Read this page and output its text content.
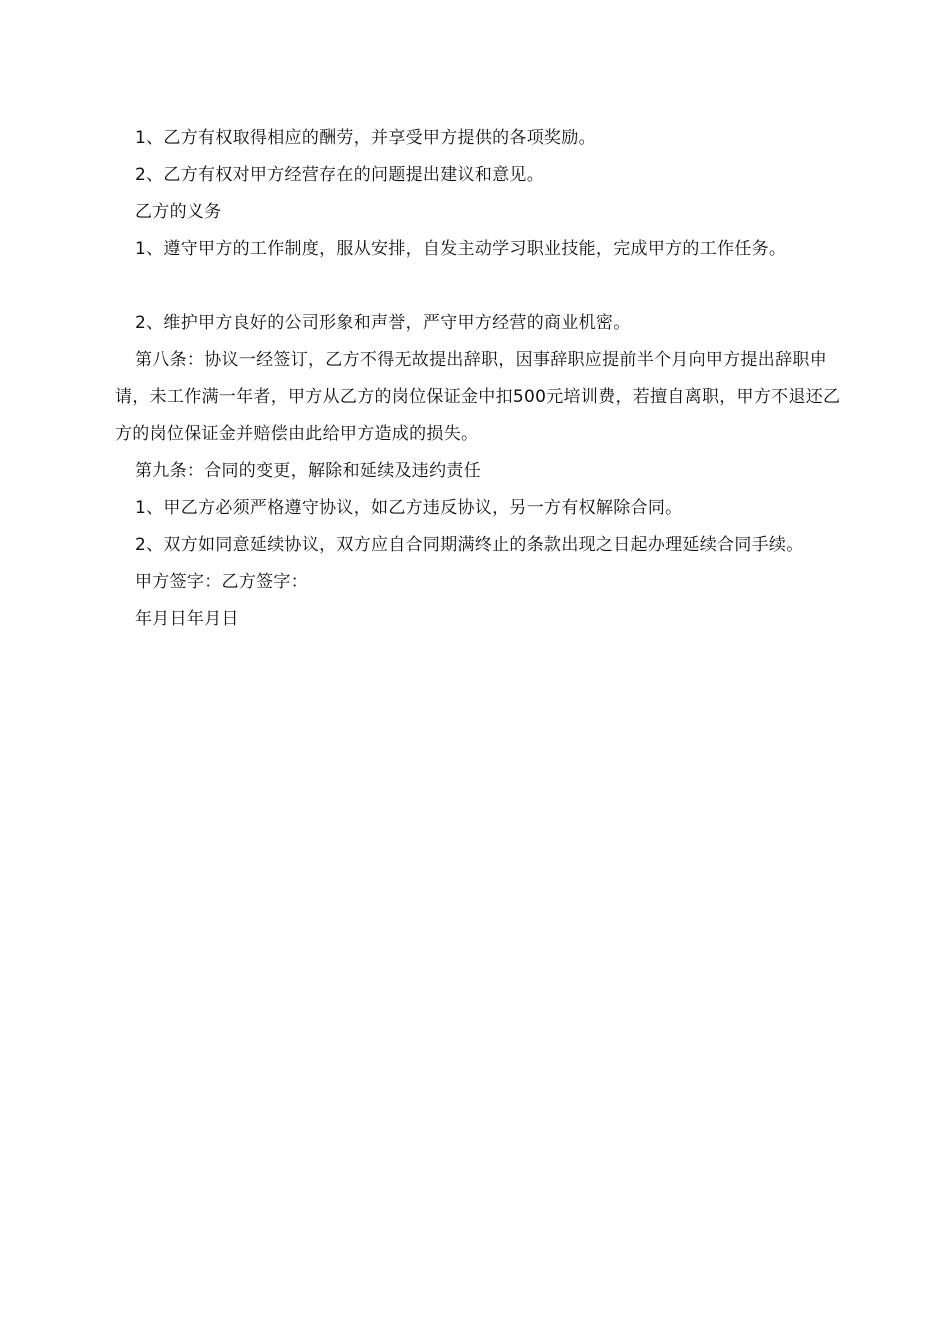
1、乙方有权取得相应的酬劳，并享受甲方提供的各项奖励。

2、乙方有权对甲方经营存在的问题提出建议和意见。

乙方的义务

1、遵守甲方的工作制度，服从安排，自发主动学习职业技能，完成甲方的工作任务。

2、维护甲方良好的公司形象和声誉，严守甲方经营的商业机密。

第八条：协议一经签订，乙方不得无故提出辞职，因事辞职应提前半个月向甲方提出辞职申请，未工作满一年者，甲方从乙方的岗位保证金中扣500元培训费，若擅自离职，甲方不退还乙方的岗位保证金并赔偿由此给甲方造成的损失。

第九条：合同的变更，解除和延续及违约责任

1、甲乙方必须严格遵守协议，如乙方违反协议，另一方有权解除合同。

2、双方如同意延续协议，双方应自合同期满终止的条款出现之日起办理延续合同手续。

甲方签字：乙方签字：

年月日年月日
